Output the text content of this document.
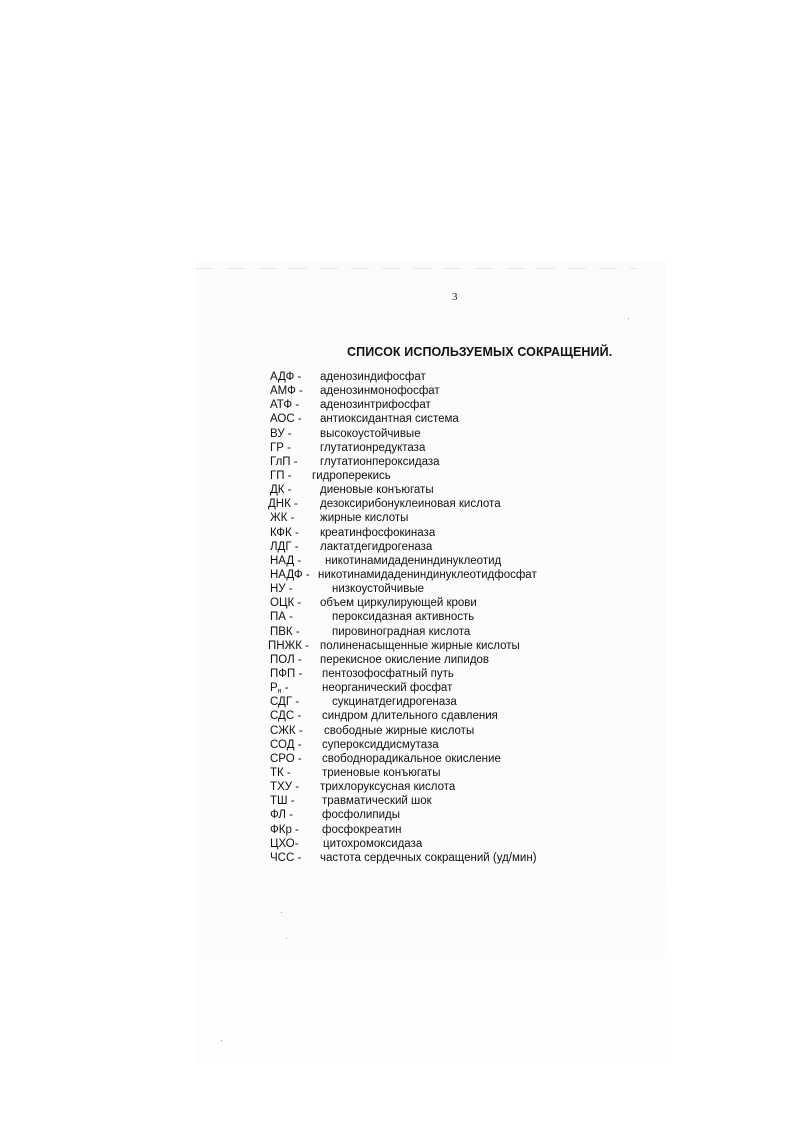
3
СПИСОК ИСПОЛЬЗУЕМЫХ СОКРАЩЕНИЙ.
АДФ - аденозиндифосфат
АМФ - аденозинмонофосфат
АТФ - аденозинтрифосфат
АОС - антиоксидантная система
ВУ - высокоустойчивые
ГР -	глутатионредуктаза
ГлП - глутатионпероксидаза
ГП - гидроперекись
ДК - диеновые конъюгаты
ДНК - дезоксирибонуклеиновая кислота
ЖК - жирные кислоты
КФК - креатинфосфокиназа
ЛДГ - лактатдегидрогеназа
НАД - никотинамидадениндинуклеотид
НАДФ - никотинамидадениндинуклеотидфосфат
НУ -	низкоустойчивые
ОЦК - объем циркулирующей крови
ПА -	пероксидазная активность
ПВК -	пировиноградная кислота
ПНЖК - полиненасыщенные жирные кислоты
ПОЛ - перекисное окисление липидов
ПФП - пентозофосфатный путь
$P_н$ -	неорганический фосфат
СДГ -	сукцинатдегидрогеназа
СДС - синдром длительного сдавления
СЖК - свободные жирные кислоты
СОД - супероксиддисмутаза
СРО - свободнорадикальное окисление
ТК -	триеновые конъюгаты
ТХУ - трихлоруксусная кислота
ТШ - травматический шок
ФЛ -	фосфолипиды
ФКр - фосфокреатин
ЦХО- цитохромоксидаза
ЧСС - частота сердечных сокращений (уд/мин)
